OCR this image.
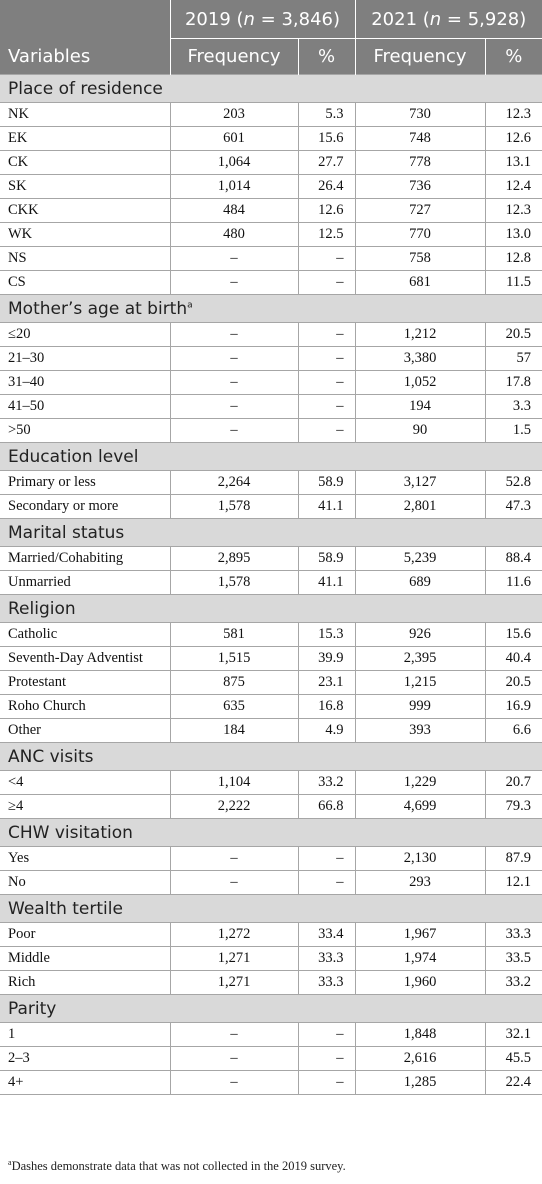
	2019 (n = 3,846)		2021 (n = 5,928)	
Variables	Frequency	%	Frequency	%
Place of residence				
NK	203	5.3	730	12.3
EK	601	15.6	748	12.6
CK	1,064	27.7	778	13.1
SK	1,014	26.4	736	12.4
CKK	484	12.6	727	12.3
WK	480	12.5	770	13.0
NS	–	–	758	12.8
CS	–	–	681	11.5
Mother’s age at birth$^a$
≤20	–	–	1,212	20.5
21–30	–	–	3,380	57
31–40	–	–	1,052	17.8
41–50	–	–	194	3.3
>50	–	–	90	1.5
Education level				
Primary or less	2,264	58.9	3,127	52.8
Secondary or more	1,578	41.1	2,801	47.3
Marital status				
Married/Cohabiting	2,895	58.9	5,239	88.4
Unmarried	1,578	41.1	689	11.6
Religion				
Catholic	581	15.3	926	15.6
Seventh-Day Adventist	1,515	39.9	2,395	40.4
Protestant	875	23.1	1,215	20.5
Roho Church	635	16.8	999	16.9
Other	184	4.9	393	6.6
ANC visits				
<4	1,104	33.2	1,229	20.7
≥4	2,222	66.8	4,699	79.3
CHW visitation				
Yes	–	–	2,130	87.9
No	–	–	293	12.1
Wealth tertile				
Poor	1,272	33.4	1,967	33.3
Middle	1,271	33.3	1,974	33.5
Rich	1,271	33.3	1,960	33.2
Parity				
1	–	–	1,848	32.1
2–3	–	–	2,616	45.5
4+	–	–	1,285	22.4
$^a$Dashes demonstrate data that was not collected in the 2019 survey.
